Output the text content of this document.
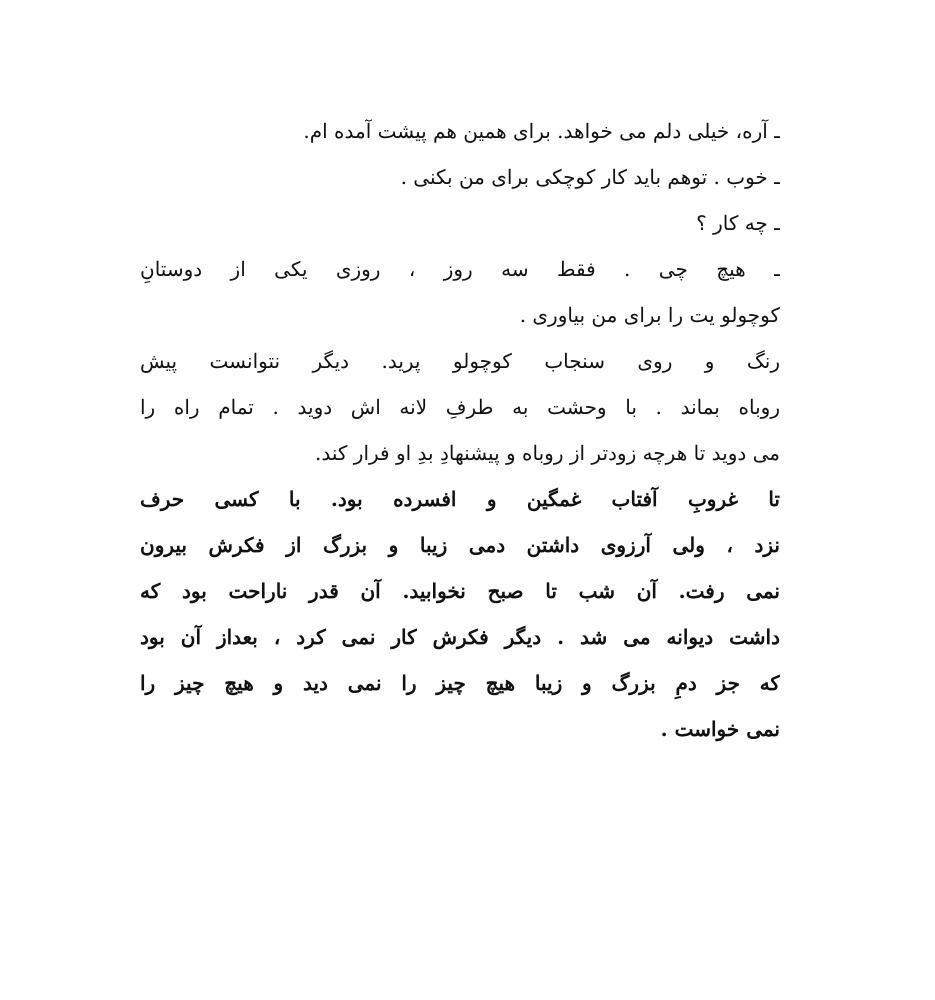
ـ آره، خیلی دلم می خواهد. برای همین هم پیشت آمده ام.
ـ خوب . توهم باید کار کوچکی برای من بکنی .
ـ چه کار ؟
ـ هیچ چی . فقط سه روز ، روزی یکی از دوستانِ
کوچولو یت را برای من بیاوری .
رنگ و روی سنجاب کوچولو پرید. دیگر نتوانست پیش
روباه بماند . با وحشت به طرفِ لانه اش دوید . تمام راه را
می دوید تا هرچه زودتر از روباه و پیشنهادِ بدِ او فرار کند.
تا غروبِ آفتاب غمگین و افسرده بود. با کسی حرف
نزد ، ولی آرزوی داشتن دمی زیبا و بزرگ از فکرش بیرون
نمی رفت. آن شب تا صبح نخوابید. آن قدر ناراحت بود که
داشت دیوانه می شد . دیگر فکرش کار نمی کرد ، بعداز آن بود
که جز دمِ بزرگ و زیبا هیچ چیز را نمی دید و هیچ چیز را
نمی خواست .
